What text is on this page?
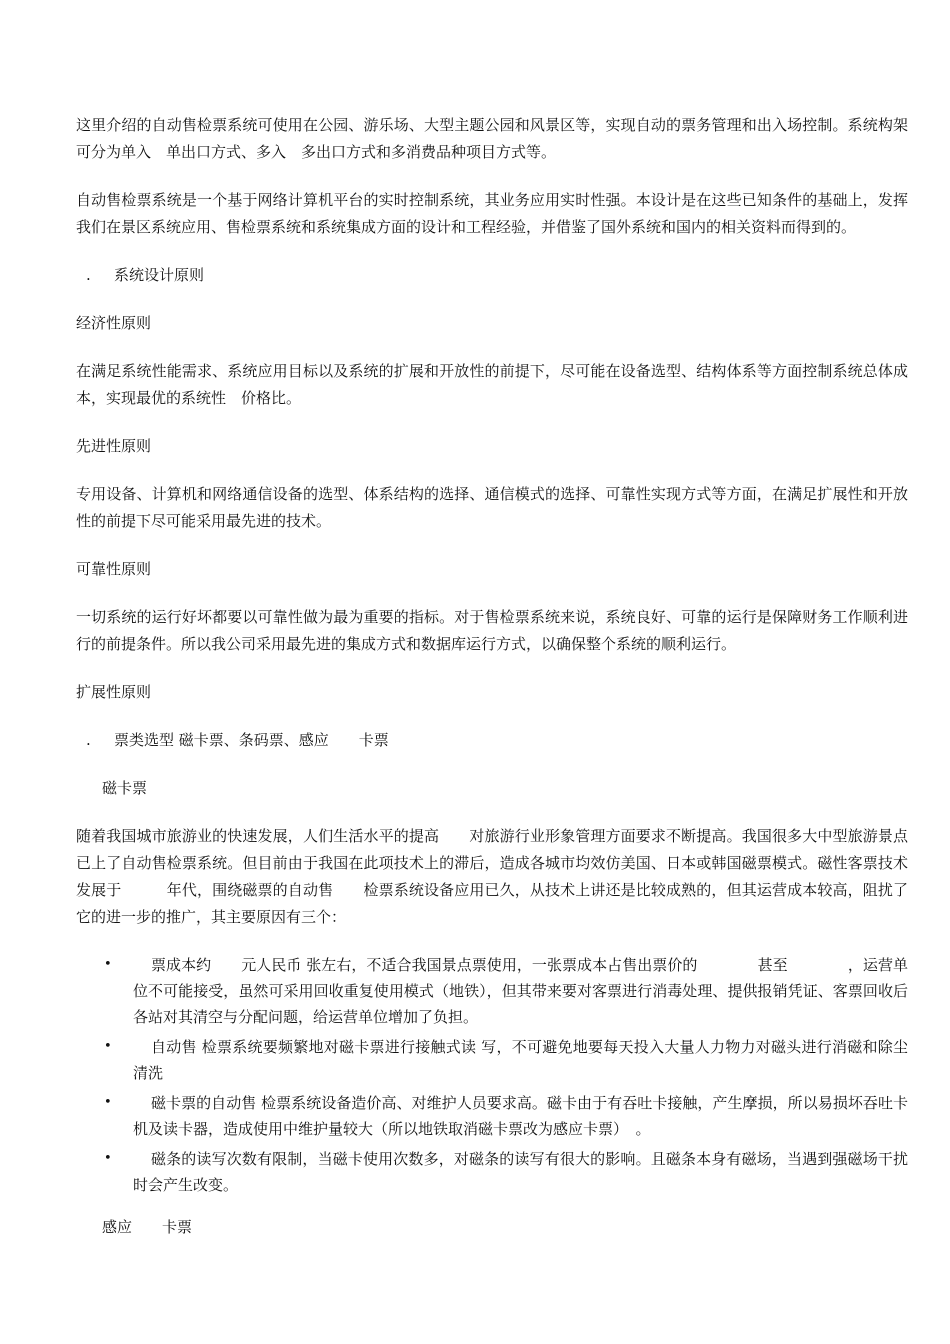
这里介绍的自动售检票系统可使用在公园、游乐场、大型主题公园和风景区等，实现自动的票务管理和出入场控制。系统构架可分为单入　单出口方式、多入　多出口方式和多消费品种项目方式等。

自动售检票系统是一个基于网络计算机平台的实时控制系统，其业务应用实时性强。本设计是在这些已知条件的基础上，发挥我们在景区系统应用、售检票系统和系统集成方面的设计和工程经验，并借鉴了国外系统和国内的相关资料而得到的。

. 系统设计原则

经济性原则

在满足系统性能需求、系统应用目标以及系统的扩展和开放性的前提下，尽可能在设备选型、结构体系等方面控制系统总体成本，实现最优的系统性　价格比。

先进性原则

专用设备、计算机和网络通信设备的选型、体系结构的选择、通信模式的选择、可靠性实现方式等方面，在满足扩展性和开放性的前提下尽可能采用最先进的技术。

可靠性原则

一切系统的运行好坏都要以可靠性做为最为重要的指标。对于售检票系统来说，系统良好、可靠的运行是保障财务工作顺利进行的前提条件。所以我公司采用最先进的集成方式和数据库运行方式，以确保整个系统的顺利运行。

扩展性原则

. 票类选型 磁卡票、条码票、感应　　卡票

磁卡票

随着我国城市旅游业的快速发展，人们生活水平的提高　　对旅游行业形象管理方面要求不断提高。我国很多大中型旅游景点已上了自动售检票系统。但目前由于我国在此项技术上的滞后，造成各城市均效仿美国、日本或韩国磁票模式。磁性客票技术发展于　　　年代，围绕磁票的自动售　　检票系统设备应用已久，从技术上讲还是比较成熟的，但其运营成本较高，阻扰了它的进一步的推广，其主要原因有三个：

•	票成本约　　元人民币 张左右，不适合我国景点票使用，一张票成本占售出票价的　　　　甚至　　　　，运营单位不可能接受，虽然可采用回收重复使用模式（地铁），但其带来要对客票进行消毒处理、提供报销凭证、客票回收后各站对其清空与分配问题，给运营单位增加了负担。
•	自动售 检票系统要频繁地对磁卡票进行接触式读 写，不可避免地要每天投入大量人力物力对磁头进行消磁和除尘清洗
•	磁卡票的自动售 检票系统设备造价高、对维护人员要求高。磁卡由于有吞吐卡接触，产生摩损，所以易损坏吞吐卡机及读卡器，造成使用中维护量较大（所以地铁取消磁卡票改为感应卡票）　。
•	磁条的读写次数有限制，当磁卡使用次数多，对磁条的读写有很大的影响。且磁条本身有磁场，当遇到强磁场干扰时会产生改变。

感应　　卡票
